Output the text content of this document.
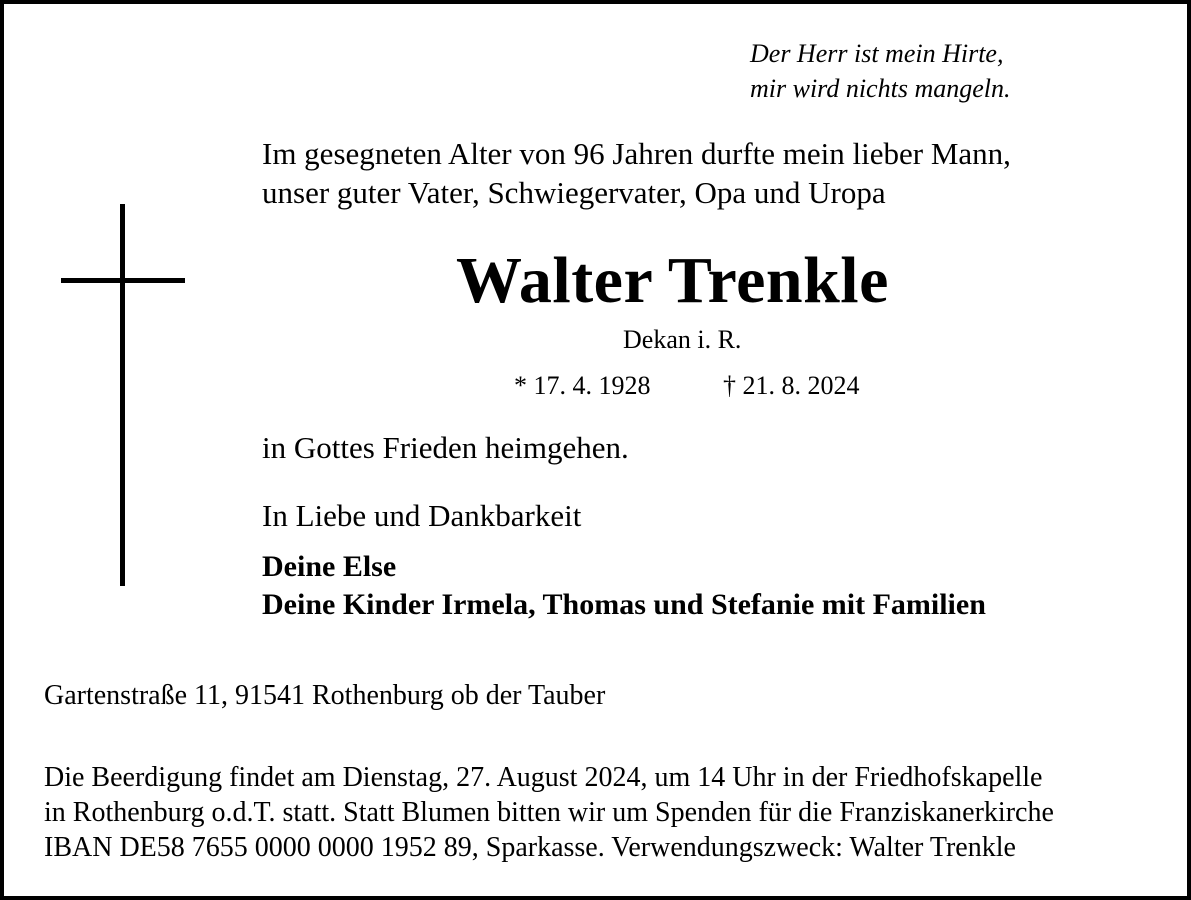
Der Herr ist mein Hirte,
mir wird nichts mangeln.
Im gesegneten Alter von 96 Jahren durfte mein lieber Mann,
unser guter Vater, Schwiegervater, Opa und Uropa
Walter Trenkle
Dekan i. R.
* 17. 4. 1928	† 21. 8. 2024
in Gottes Frieden heimgehen.
In Liebe und Dankbarkeit
Deine Else
Deine Kinder Irmela, Thomas und Stefanie mit Familien
Gartenstraße 11, 91541 Rothenburg ob der Tauber
Die Beerdigung findet am Dienstag, 27. August 2024, um 14 Uhr in der Friedhofskapelle
in Rothenburg o.d.T. statt. Statt Blumen bitten wir um Spenden für die Franziskanerkirche
IBAN DE58 7655 0000 0000 1952 89, Sparkasse. Verwendungszweck: Walter Trenkle
